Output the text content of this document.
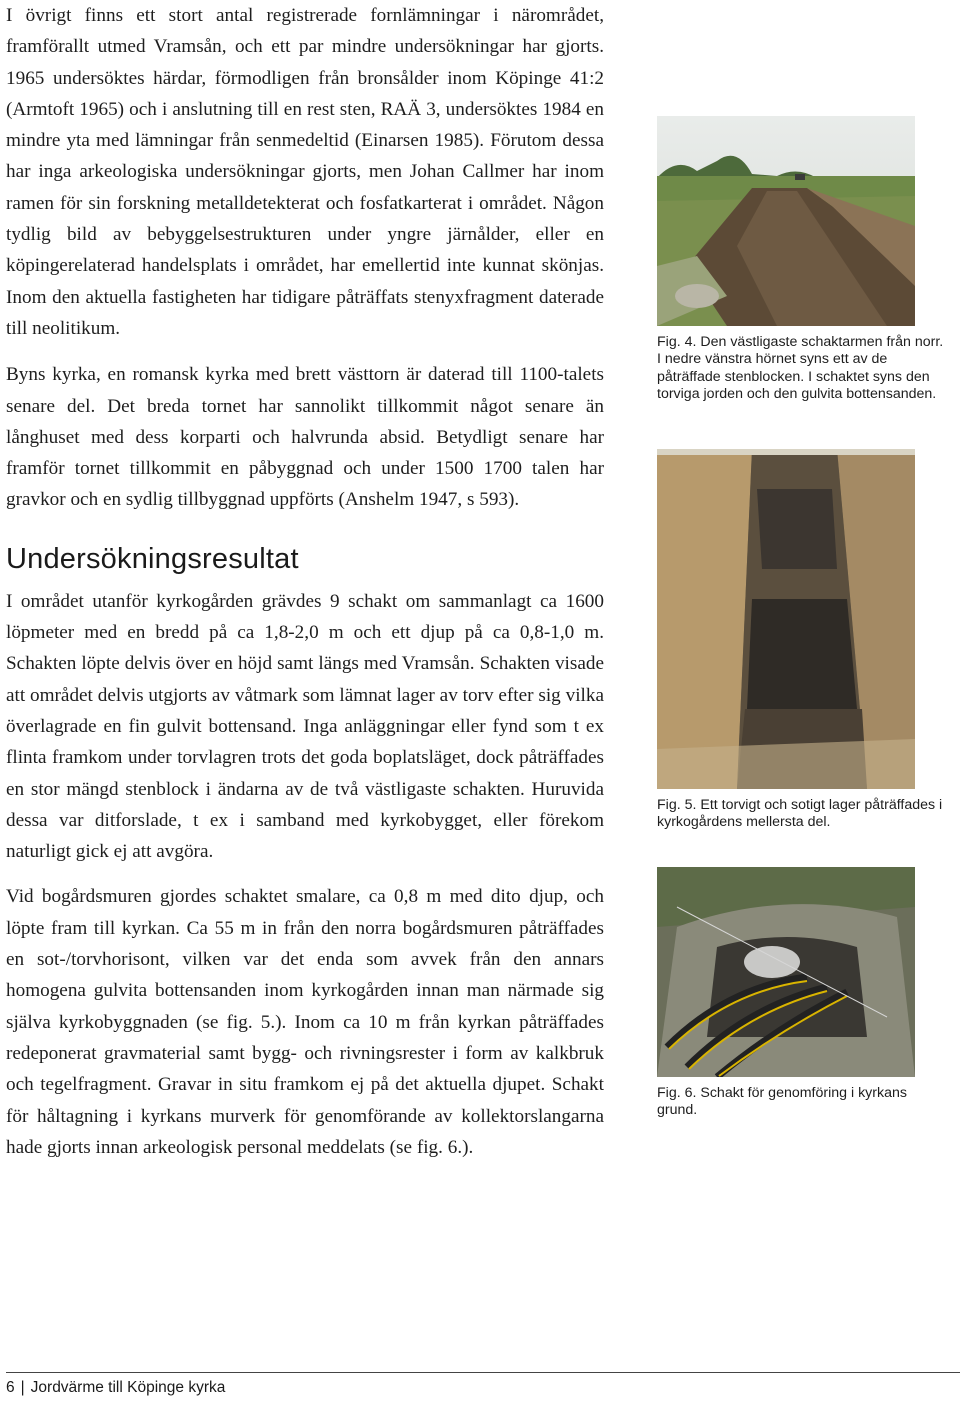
I övrigt finns ett stort antal registrerade fornlämningar i närområdet, framförallt utmed Vramsån, och ett par mindre undersökningar har gjorts. 1965 undersöktes härdar, förmodligen från bronsålder inom Köpinge 41:2 (Armtoft 1965) och i anslutning till en rest sten, RAÄ 3, undersöktes 1984 en mindre yta med lämningar från senmedeltid (Einarsen 1985). Förutom dessa har inga arkeologiska undersökningar gjorts, men Johan Callmer har inom ramen för sin forskning metalldetekterat och fosfatkarterat i området. Någon tydlig bild av bebyggelsestrukturen under yngre järnålder, eller en köpingerelaterad handelsplats i området, har emellertid inte kunnat skönjas. Inom den aktuella fastigheten har tidigare påträffats stenyxfragment daterade till neolitikum.

Byns kyrka, en romansk kyrka med brett västtorn är daterad till 1100-talets senare del. Det breda tornet har sannolikt tillkommit något senare än långhuset med dess korparti och halvrunda absid. Betydligt senare har framför tornet tillkommit en påbyggnad och under 1500 1700 talen har gravkor och en sydlig tillbyggnad uppförts (Anshelm 1947, s 593).

Undersökningsresultat

I området utanför kyrkogården grävdes 9 schakt om sammanlagt ca 1600 löpmeter med en bredd på ca 1,8-2,0 m och ett djup på ca 0,8-1,0 m. Schakten löpte delvis över en höjd samt längs med Vramsån. Schakten visade att området delvis utgjorts av våtmark som lämnat lager av torv efter sig vilka överlagrade en fin gulvit bottensand. Inga anläggningar eller fynd som t ex flinta framkom under torvlagren trots det goda boplatsläget, dock påträffades en stor mängd stenblock i ändarna av de två västligaste schakten. Huruvida dessa var ditforslade, t ex i samband med kyrkobygget, eller förekom naturligt gick ej att avgöra.

Vid bogårdsmuren gjordes schaktet smalare, ca 0,8 m med dito djup, och löpte fram till kyrkan. Ca 55 m in från den norra bogårdsmuren påträffades en sot-/torvhorisont, vilken var det enda som avvek från den annars homogena gulvita bottensanden inom kyrkogården innan man närmade sig själva kyrkobyggnaden (se fig. 5.). Inom ca 10 m från kyrkan påträffades redeponerat gravmaterial samt bygg- och rivningsrester i form av kalkbruk och tegelfragment. Gravar in situ framkom ej på det aktuella djupet. Schakt för håltagning i kyrkans murverk för genomförande av kollektorslangarna hade gjorts innan arkeologisk personal meddelats (se fig. 6.).

Fig. 4. Den västligaste schaktarmen från norr. I nedre vänstra hörnet syns ett av de påträffade stenblocken. I schaktet syns den torviga jorden och den gulvita bottensanden.
Fig. 5. Ett torvigt och sotigt lager påträffades i kyrkogårdens mellersta del.
Fig. 6. Schakt för genomföring i kyrkans grund.
6 | Jordvärme till Köpinge kyrka
